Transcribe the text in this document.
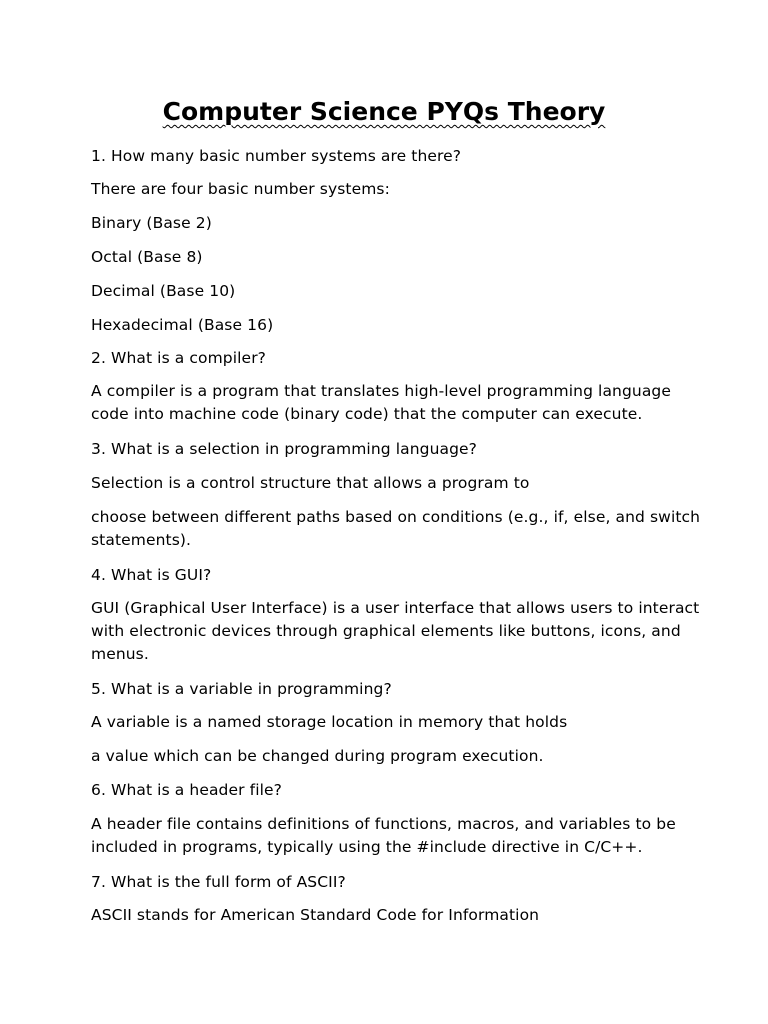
Computer Science PYQs Theory

1. How many basic number systems are there?

There are four basic number systems:

Binary (Base 2)

Octal (Base 8)

Decimal (Base 10)

Hexadecimal (Base 16)

2. What is a compiler?

A compiler is a program that translates high-level programming language code into machine code (binary code) that the computer can execute.

3. What is a selection in programming language?

Selection is a control structure that allows a program to

choose between different paths based on conditions (e.g., if, else, and switch statements).

4. What is GUI?

GUI (Graphical User Interface) is a user interface that allows users to interact with electronic devices through graphical elements like buttons, icons, and menus.

5. What is a variable in programming?

A variable is a named storage location in memory that holds

a value which can be changed during program execution.

6. What is a header file?

A header file contains definitions of functions, macros, and variables to be included in programs, typically using the #include directive in C/C++.

7. What is the full form of ASCII?

ASCII stands for American Standard Code for Information
